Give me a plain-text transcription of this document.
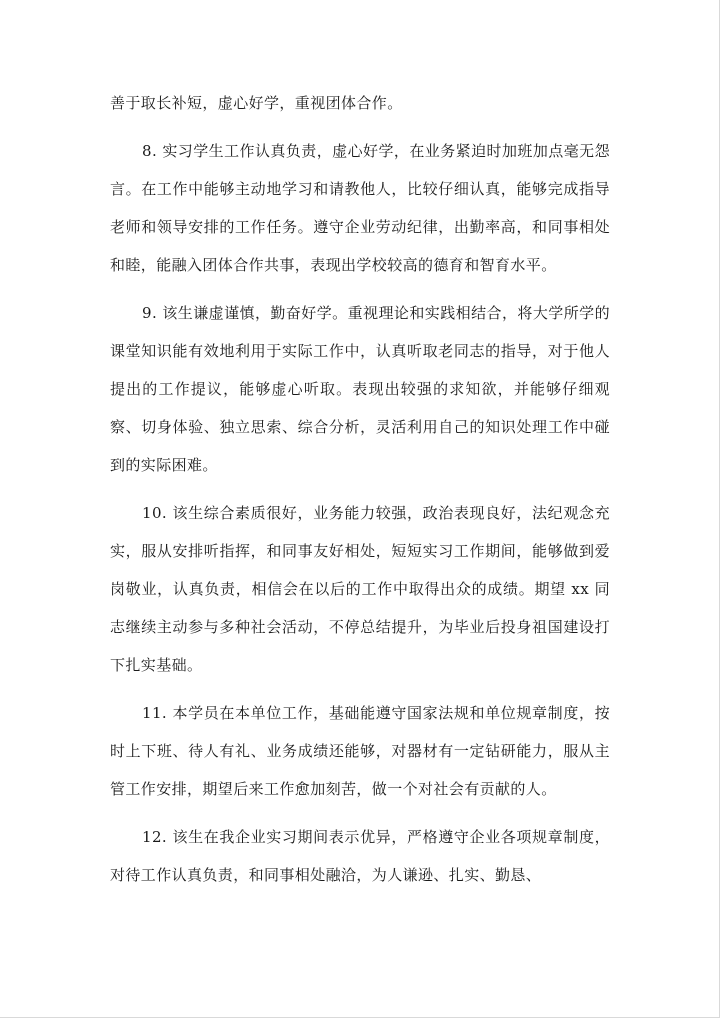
善于取长补短，虚心好学，重视团体合作。

8. 实习学生工作认真负责，虚心好学，在业务紧迫时加班加点毫无怨言。在工作中能够主动地学习和请教他人，比较仔细认真，能够完成指导老师和领导安排的工作任务。遵守企业劳动纪律，出勤率高，和同事相处和睦，能融入团体合作共事，表现出学校较高的德育和智育水平。

9. 该生谦虚谨慎，勤奋好学。重视理论和实践相结合，将大学所学的课堂知识能有效地利用于实际工作中，认真听取老同志的指导，对于他人提出的工作提议，能够虚心听取。表现出较强的求知欲，并能够仔细观察、切身体验、独立思索、综合分析，灵活利用自己的知识处理工作中碰到的实际困难。

10. 该生综合素质很好，业务能力较强，政治表现良好，法纪观念充实，服从安排听指挥，和同事友好相处，短短实习工作期间，能够做到爱岗敬业，认真负责，相信会在以后的工作中取得出众的成绩。期望 xx 同志继续主动参与多种社会活动，不停总结提升，为毕业后投身祖国建设打下扎实基础。

11. 本学员在本单位工作，基础能遵守国家法规和单位规章制度，按时上下班、待人有礼、业务成绩还能够，对器材有一定钻研能力，服从主管工作安排，期望后来工作愈加刻苦，做一个对社会有贡献的人。

12. 该生在我企业实习期间表示优异，严格遵守企业各项规章制度，对待工作认真负责，和同事相处融洽，为人谦逊、扎实、勤恳、
